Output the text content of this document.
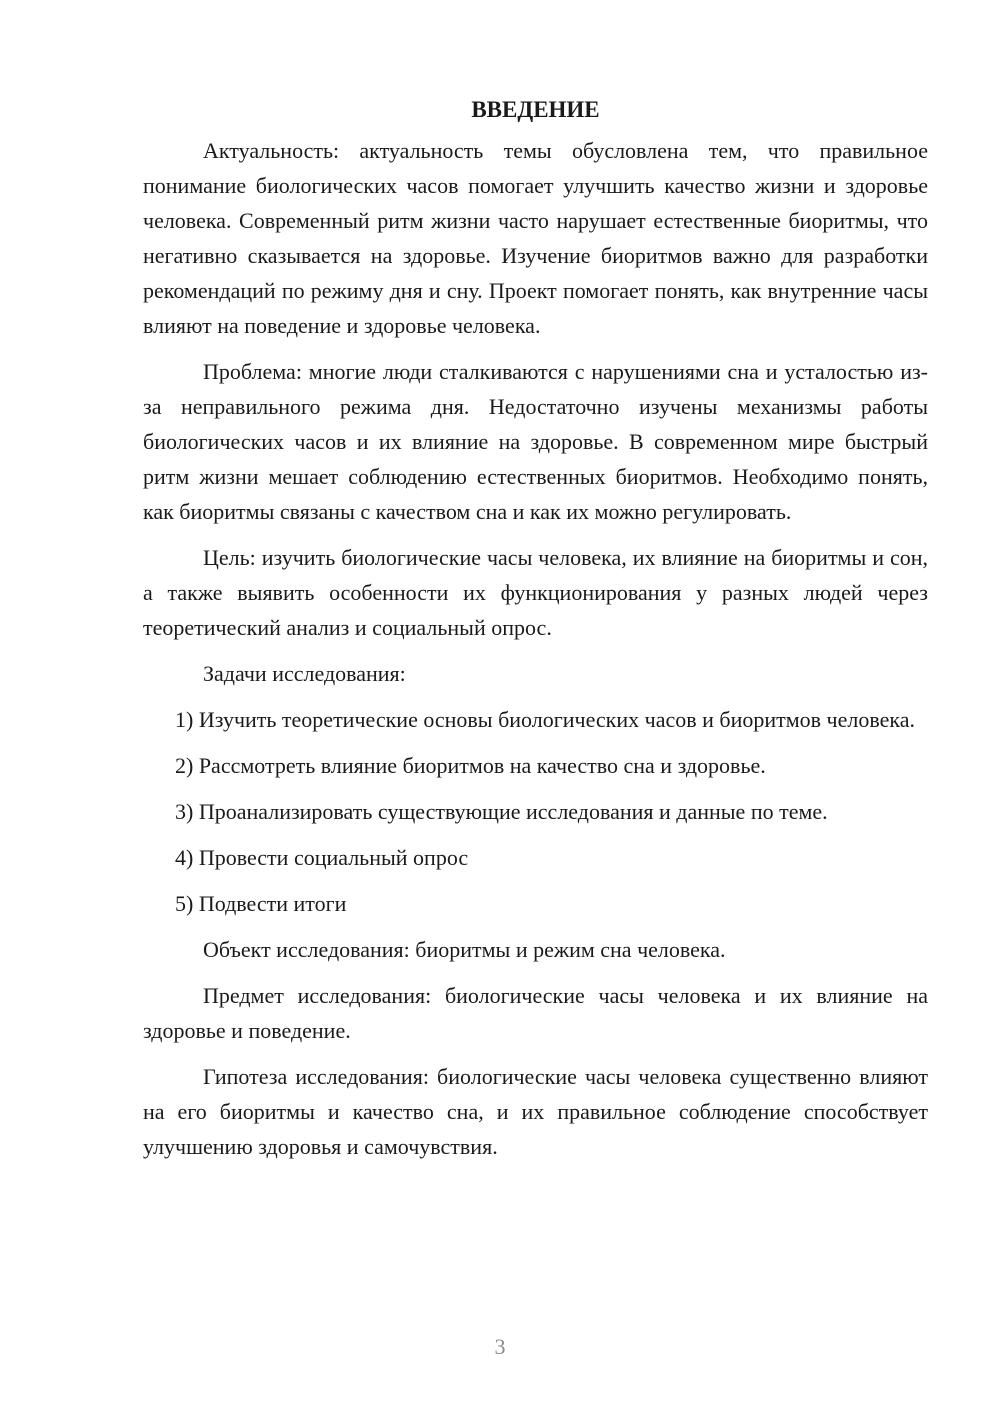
ВВЕДЕНИЕ

Актуальность: актуальность темы обусловлена тем, что правильное понимание биологических часов помогает улучшить качество жизни и здоровье человека. Современный ритм жизни часто нарушает естественные биоритмы, что негативно сказывается на здоровье. Изучение биоритмов важно для разработки рекомендаций по режиму дня и сну. Проект помогает понять, как внутренние часы влияют на поведение и здоровье человека.

Проблема: многие люди сталкиваются с нарушениями сна и усталостью из-за неправильного режима дня. Недостаточно изучены механизмы работы биологических часов и их влияние на здоровье. В современном мире быстрый ритм жизни мешает соблюдению естественных биоритмов. Необходимо понять, как биоритмы связаны с качеством сна и как их можно регулировать.

Цель: изучить биологические часы человека, их влияние на биоритмы и сон, а также выявить особенности их функционирования у разных людей через теоретический анализ и социальный опрос.

Задачи исследования:

1) Изучить теоретические основы биологических часов и биоритмов человека.

2) Рассмотреть влияние биоритмов на качество сна и здоровье.

3) Проанализировать существующие исследования и данные по теме.

4) Провести социальный опрос

5) Подвести итоги

Объект исследования: биоритмы и режим сна человека.

Предмет исследования: биологические часы человека и их влияние на здоровье и поведение.

Гипотеза исследования: биологические часы человека существенно влияют на его биоритмы и качество сна, и их правильное соблюдение способствует улучшению здоровья и самочувствия.

3
